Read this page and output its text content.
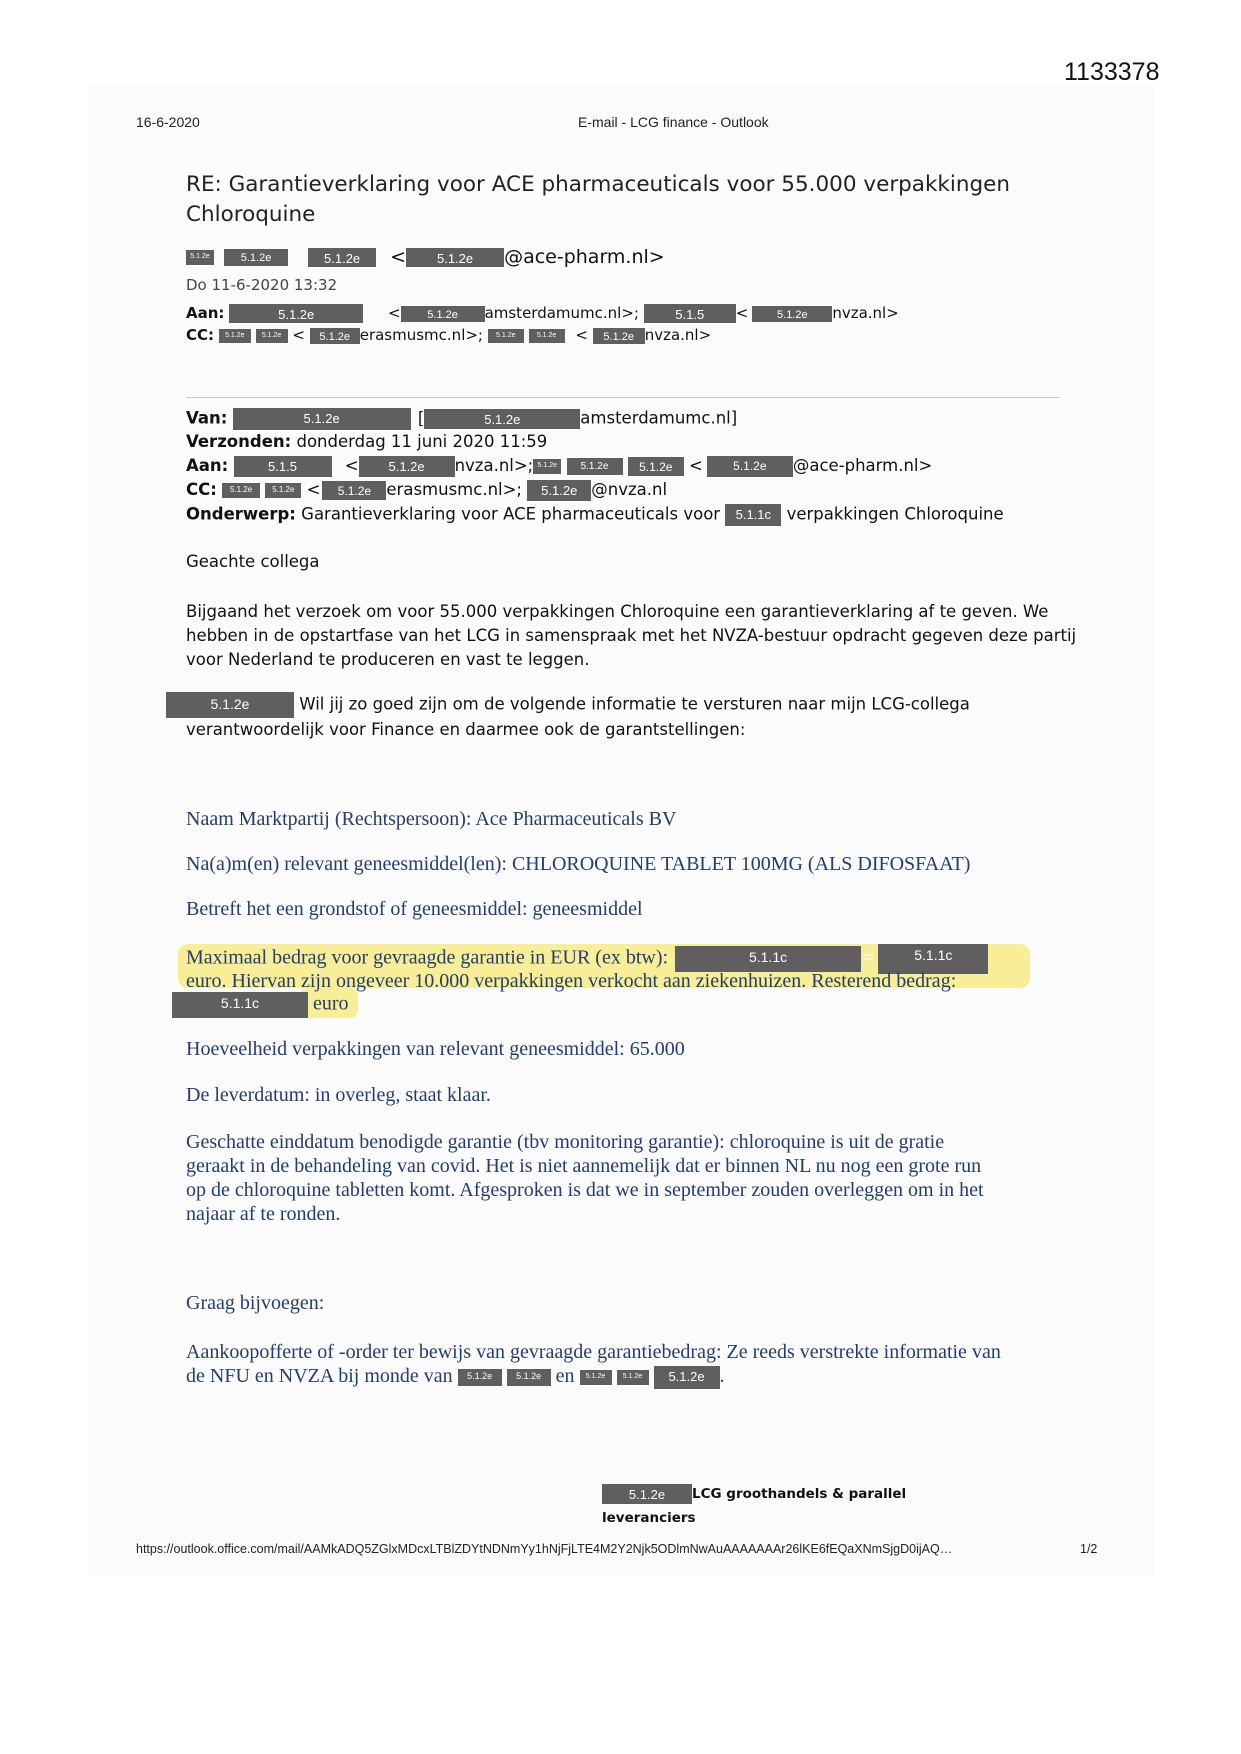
1133378
16-6-2020	E-mail - LCG finance - Outlook
RE: Garantieverklaring voor ACE pharmaceuticals voor 55.000 verpakkingen
Chloroquine
5.1.2e	5.1.2e	5.1.2e < 5.1.2e @ace-pharm.nl>
Do 11-6-2020 13:32
Aan:	5.1.2e	< 5.1.2e amsterdamumc.nl>;	5.1.5 <	5.1.2e nvza.nl>
CC: 5.1.2e 5.1.2e < 5.1.2e erasmusmc.nl>; 5.1.2e	5.1.2e < 5.1.2e nvza.nl>
Van:	5.1.2e	[	5.1.2e	amsterdamumc.nl]
Verzonden: donderdag 11 juni 2020 11:59
Aan:	5.1.5	< 5.1.2e nvza.nl>; 5.1.2e 5.1.2e	5.1.2e <	5.1.2e @ace-pharm.nl>
CC: 5.1.2e	5.1.2e < 5.1.2e erasmusmc.nl>; 5.1.2e @nvza.nl
Onderwerp: Garantieverklaring voor ACE pharmaceuticals voor 5.1.1c verpakkingen Chloroquine
Geachte collega
Bijgaand het verzoek om voor 55.000 verpakkingen Chloroquine een garantieverklaring af te geven. We
hebben in de opstartfase van het LCG in samenspraak met het NVZA-bestuur opdracht gegeven deze partij
voor Nederland te produceren en vast te leggen.
5.1.2e	Wil jij zo goed zijn om de volgende informatie te versturen naar mijn LCG-collega
verantwoordelijk voor Finance en daarmee ook de garantstellingen:
Naam Marktpartij (Rechtspersoon): Ace Pharmaceuticals BV
Na(a)m(en) relevant geneesmiddel(len): CHLOROQUINE TABLET 100MG (ALS DIFOSFAAT)
Betreft het een grondstof of geneesmiddel: geneesmiddel
Maximaal bedrag voor gevraagde garantie in EUR (ex btw):	5.1.1c	=	5.1.1c
euro. Hiervan zijn ongeveer 10.000 verpakkingen verkocht aan ziekenhuizen. Resterend bedrag:
5.1.1c	euro
Hoeveelheid verpakkingen van relevant geneesmiddel: 65.000
De leverdatum: in overleg, staat klaar.
Geschatte einddatum benodigde garantie (tbv monitoring garantie): chloroquine is uit de gratie
geraakt in de behandeling van covid. Het is niet aannemelijk dat er binnen NL nu nog een grote run
op de chloroquine tabletten komt. Afgesproken is dat we in september zouden overleggen om in het
najaar af te ronden.
Graag bijvoegen:
Aankoopofferte of -order ter bewijs van gevraagde garantiebedrag: Ze reeds verstrekte informatie van
de NFU en NVZA bij monde van 5.1.2e	5.1.2e en 5.1.2e	5.1.2e 5.1.2e .
5.1.2e LCG groothandels & parallel
leveranciers
https://outlook.office.com/mail/AAMkADQ5ZGlxMDcxLTBlZDYtNDNmYy1hNjFjLTE4M2Y2Njk5ODlmNwAuAAAAAAAr26lKE6fEQaXNmSjgD0ijAQ…	1/2
